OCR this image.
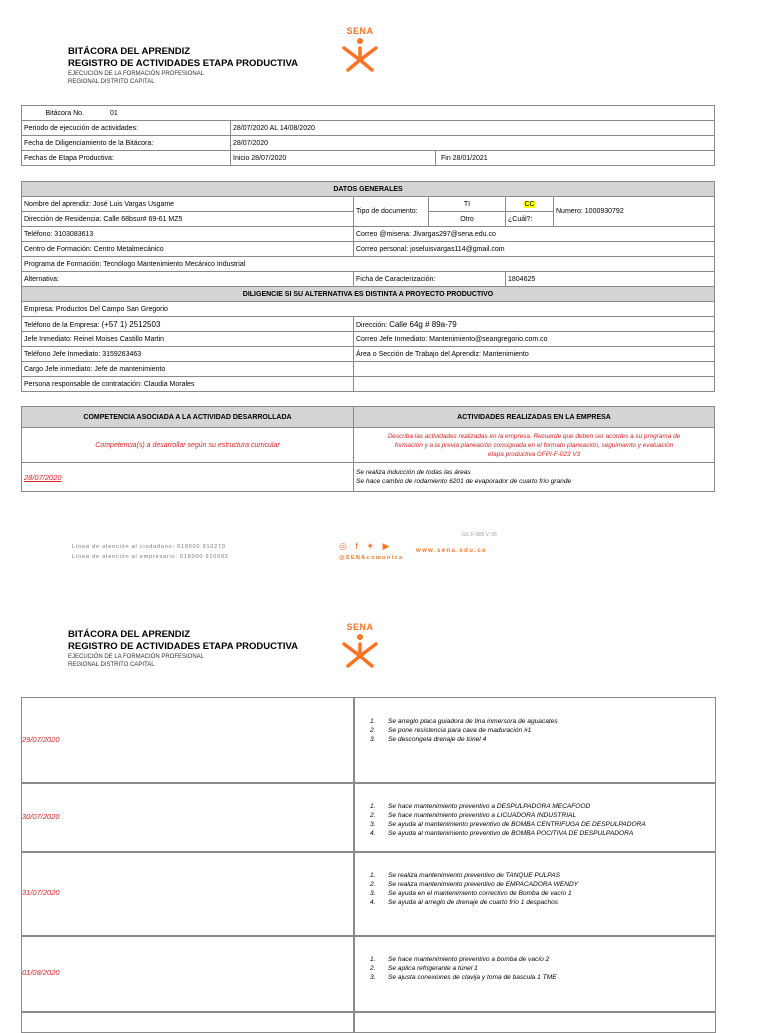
BITÁCORA DEL APRENDIZ
REGISTRO DE ACTIVIDADES ETAPA PRODUCTIVA
EJECUCIÓN DE LA FORMACIÓN PROFESIONAL
REGIONAL DISTRITO CAPITAL
SENA
Bitácora No. 01		
Periodo de ejecución de actividades:	28/07/2020 AL 14/08/2020	
Fecha de Diligenciamiento de la Bitácora:	28/07/2020	
Fechas de Etapa Productiva:	Inicio 28/07/2020	Fin 28/01/2021
DATOS GENERALES				
Nombre del aprendiz: José Luis Vargas Usgame	Tipo de documento:	TI	CC	Numero: 1000930792
Dirección de Residencia: Calle 68bsur# 69-61 MZ5		Otro	¿Cuál?:	
Teléfono: 3103083613	Correo @misena: Jlvargas297@sena.edu.co			
Centro de Formación: Centro Metalmecánico	Correo personal: joseluisvargas114@gmail.com			
Programa de Formación: Tecnólogo Mantenimiento Mecánico Industrial				
Alternativa:	Ficha de Caracterización:		1804625	
DILIGENCIE SI SU ALTERNATIVA ES DISTINTA A PROYECTO PRODUCTIVO				
Empresa: Productos Del Campo San Gregorio				
Teléfono de la Empresa: (+57 1) 2512503	Dirección: Calle 64g # 89a-79			
Jefe Inmediato: Reinel Moises Castillo Martin	Correo Jefe Inmediato: Mantenimiento@seangregorio.com.co			
Teléfono Jefe Inmediato: 3159263463	Área o Sección de Trabajo del Aprendiz: Mantenimiento			
Cargo Jefe inmediato: Jefe de mantenimiento				
Persona responsable de contratación: Claudia Morales				
COMPETENCIA ASOCIADA A LA ACTIVIDAD DESARROLLADA	ACTIVIDADES REALIZADAS EN LA EMPRESA
Competencia(s) a desarrollar según su estructura curricular	Describa las actividades realizadas en la empresa. Recuerde que deben ser acordes a su programa de
formación y a la previa planeación consignada en el formato planeación, seguimiento y evaluación
etapa productiva GFPI-F-023 V3

28/07/2020	Se realiza inducción de todas las áreas
Se hace cambio de rodamiento 6201 de evaporador de cuarto frío grande
GC-F-005 V. 05
Línea de atención al ciudadano: 018000 910270
Línea de atención al empresario: 018000 910682
◎ f ✦ ▶
@SENAcomunica
www.sena.edu.co
BITÁCORA DEL APRENDIZ
REGISTRO DE ACTIVIDADES ETAPA PRODUCTIVA
EJECUCIÓN DE LA FORMACIÓN PROFESIONAL
REGIONAL DISTRITO CAPITAL
SENA
29/07/2020
1. Se arreglo placa guiadora de tina inmersora de aguacates
2. Se pone resistencia para cava de maduración #1
3. Se descongela drenaje de túnel 4
30/07/2020
1. Se hace mantenimiento preventivo a DESPULPADORA MECAFOOD
2. Se hace mantenimiento preventivo a LICUADORA INDUSTRIAL
3. Se ayuda al mantenimiento preventivo de BOMBA CENTRIFUGA DE DESPULPADORA
4. Se ayuda al mantenimiento preventivo de BOMBA POCITIVA DE DESPULPADORA
31/07/2020
1. Se realiza mantenimiento preventivo de TANQUE PULPAS
2. Se realiza mantenimiento preventivo de EMPACADORA WENDY
3. Se ayuda en el mantenimiento correctivo de Bomba de vacío 1
4. Se ayuda al arreglo de drenaje de cuarto frío 1 despachos
01/08/2020
1. Se hace mantenimiento preventivo a bomba de vacío 2
2. Se aplica refrigerante a túnel 1
3. Se ajusta conexiones de clavija y toma de bascula 1 TME
